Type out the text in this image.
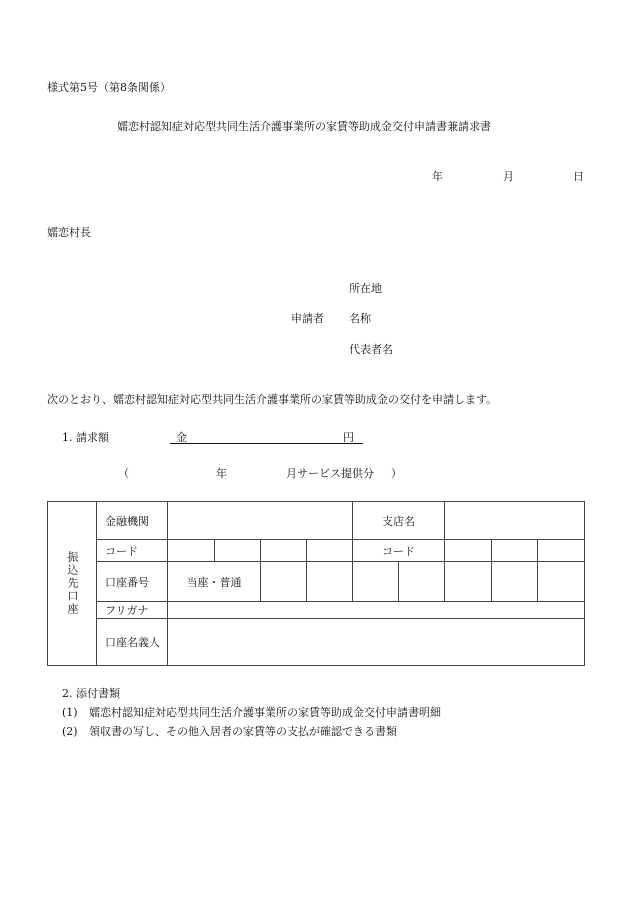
様式第5号（第8条関係）
嬬恋村認知症対応型共同生活介護事業所の家賃等助成金交付申請書兼請求書
年	月	日
嬬恋村長
所在地
申請者 名称
代表者名
次のとおり、嬬恋村認知症対応型共同生活介護事業所の家賃等助成金の交付を申請します。
1. 請求額	金	円
（	年	月サービス提供分 ）
振込先口座	金融機関					支店名				
	コード					コード				
	口座番号	当座・普通								
	フリガナ									
	口座名義人									
2. 添付書類
(1) 嬬恋村認知症対応型共同生活介護事業所の家賃等助成金交付申請書明細
(2) 領収書の写し、その他入居者の家賃等の支払が確認できる書類
